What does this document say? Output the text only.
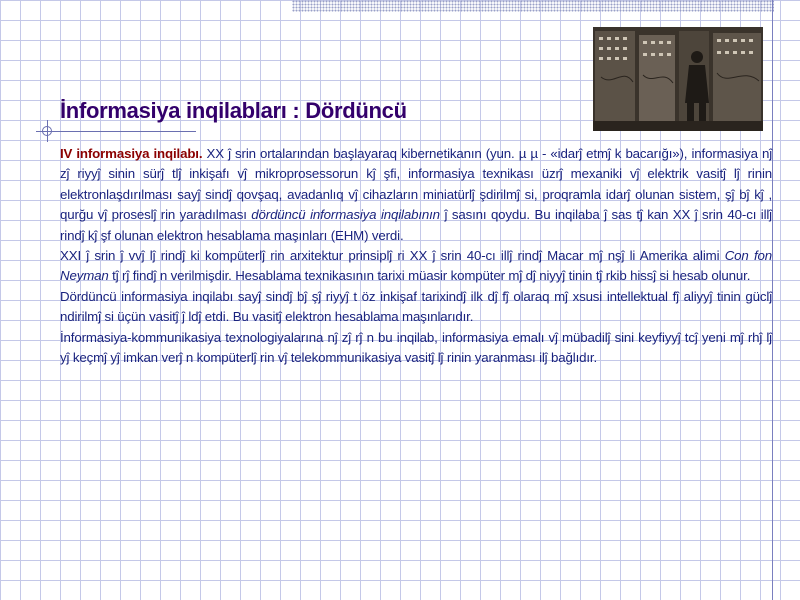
İnformasiya inqilabları : Dördüncü

IV informasiya inqilabı. XX ĵ srin ortalarından başlayaraq kibernetikanın (yun. µ µ - «idarĵ etmĵ k bacarığı»), informasiya nĵ zĵ riyyĵ sinin sürĵ tlĵ inkişafı vĵ mikroprosessorun kĵ şfi, informasiya texnikası üzrĵ mexaniki vĵ elektrik vasitĵ lĵ rinin elektronlaşdırılması sayĵ sindĵ qovşaq, avadanlıq vĵ cihazların miniatürlĵ şdirilmĵ si, proqramla idarĵ olunan sistem, şĵ bĵ kĵ , qurğu vĵ proseslĵ rin yaradılması dördüncü informasiya inqilabının ĵ sasını qoydu. Bu inqilaba ĵ sas tĵ kan XX ĵ srin 40-cı illĵ rindĵ kĵ şf olunan elektron hesablama maşınları (EHM) verdi.

XXI ĵ srin ĵ vvĵ lĵ rindĵ ki kompüterlĵ rin arxitektur prinsiplĵ ri XX ĵ srin 40-cı illĵ rindĵ Macar mĵ nşĵ li Amerika alimi Con fon Neyman tĵ rĵ findĵ n verilmişdir. Hesablama texnikasının tarixi müasir kompüter mĵ dĵ niyyĵ tinin tĵ rkib hissĵ si hesab olunur.

Dördüncü informasiya inqilabı sayĵ sindĵ bĵ şĵ riyyĵ t öz inkişaf tarixindĵ ilk dĵ fĵ olaraq mĵ xsusi intellektual fĵ aliyyĵ tinin güclĵ ndirilmĵ si üçün vasitĵ ĵ ldĵ etdi. Bu vasitĵ elektron hesablama maşınlarıdır.

İnformasiya-kommunikasiya texnologiyalarına nĵ zĵ rĵ n bu inqilab, informasiya emalı vĵ mübadilĵ sini keyfiyyĵ tcĵ yeni mĵ rhĵ lĵ yĵ keçmĵ yĵ imkan verĵ n kompüterlĵ rin vĵ telekommunikasiya vasitĵ lĵ rinin yaranması ilĵ bağlıdır.
